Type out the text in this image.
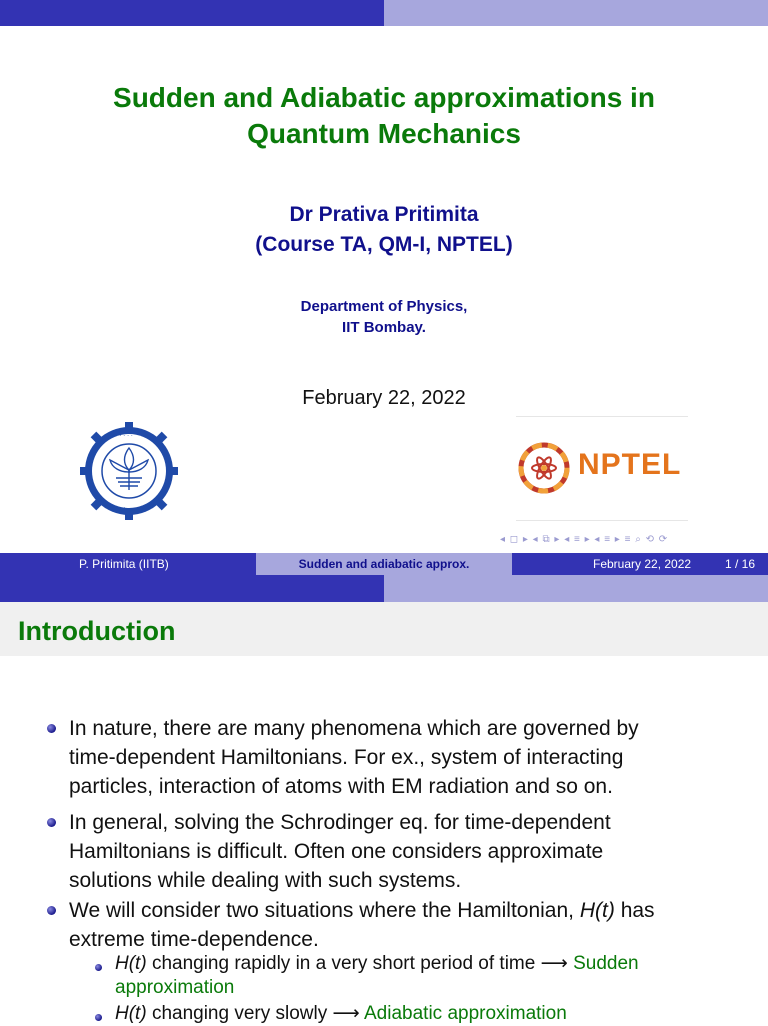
Sudden and Adiabatic approximations in
Quantum Mechanics
Dr Prativa Pritimita
(Course TA, QM-I, NPTEL)
Department of Physics,
IIT Bombay.
February 22, 2022
· · · · · · ·
· · · ·
NPTEL
◂ ◻ ▸ ◂ ⧉ ▸ ◂ ≡ ▸ ◂ ≡ ▸ ≡ ⌕ ⟲ ⟳
P. Pritimita (IITB)	Sudden and adiabatic approx.	February 22, 2022	1 / 16
Introduction
In nature, there are many phenomena which are governed by
time-dependent Hamiltonians. For ex., system of interacting
particles, interaction of atoms with EM radiation and so on.
In general, solving the Schrodinger eq. for time-dependent
Hamiltonians is difficult. Often one considers approximate
solutions while dealing with such systems.
We will consider two situations where the Hamiltonian, H(t) has
extreme time-dependence.
H(t) changing rapidly in a very short period of time ⟶ Sudden
approximation
H(t) changing very slowly ⟶ Adiabatic approximation
